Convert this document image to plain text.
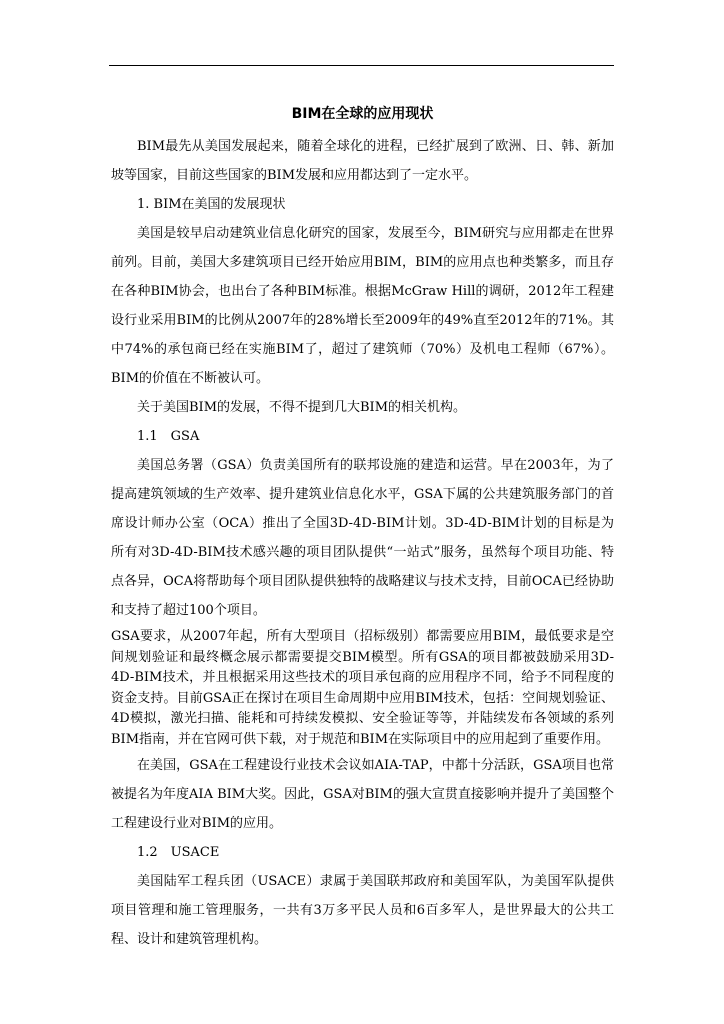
BIM在全球的应用现状

BIM最先从美国发展起来，随着全球化的进程，已经扩展到了欧洲、日、韩、新加坡等国家，目前这些国家的BIM发展和应用都达到了一定水平。

1. BIM在美国的发展现状

美国是较早启动建筑业信息化研究的国家，发展至今，BIM研究与应用都走在世界前列。目前，美国大多建筑项目已经开始应用BIM，BIM的应用点也种类繁多，而且存在各种BIM协会，也出台了各种BIM标准。根据McGraw Hill的调研，2012年工程建设行业采用BIM的比例从2007年的28%增长至2009年的49%直至2012年的71%。其中74%的承包商已经在实施BIM了，超过了建筑师（70%）及机电工程师（67%）。BIM的价值在不断被认可。

关于美国BIM的发展，不得不提到几大BIM的相关机构。

1.1　GSA

美国总务署（GSA）负责美国所有的联邦设施的建造和运营。早在2003年，为了提高建筑领域的生产效率、提升建筑业信息化水平，GSA下属的公共建筑服务部门的首席设计师办公室（OCA）推出了全国3D-4D-BIM计划。3D-4D-BIM计划的目标是为所有对3D-4D-BIM技术感兴趣的项目团队提供“一站式”服务，虽然每个项目功能、特点各异，OCA将帮助每个项目团队提供独特的战略建议与技术支持，目前OCA已经协助和支持了超过100个项目。

GSA要求，从2007年起，所有大型项目（招标级别）都需要应用BIM，最低要求是空间规划验证和最终概念展示都需要提交BIM模型。所有GSA的项目都被鼓励采用3D-4D-BIM技术，并且根据采用这些技术的项目承包商的应用程序不同，给予不同程度的资金支持。目前GSA正在探讨在项目生命周期中应用BIM技术，包括：空间规划验证、4D模拟，激光扫描、能耗和可持续发模拟、安全验证等等，并陆续发布各领域的系列BIM指南，并在官网可供下载，对于规范和BIM在实际项目中的应用起到了重要作用。

在美国，GSA在工程建设行业技术会议如AIA-TAP，中都十分活跃，GSA项目也常被提名为年度AIA BIM大奖。因此，GSA对BIM的强大宣贯直接影响并提升了美国整个工程建设行业对BIM的应用。

1.2　USACE

美国陆军工程兵团（USACE）隶属于美国联邦政府和美国军队，为美国军队提供项目管理和施工管理服务，一共有3万多平民人员和6百多军人，是世界最大的公共工程、设计和建筑管理机构。
